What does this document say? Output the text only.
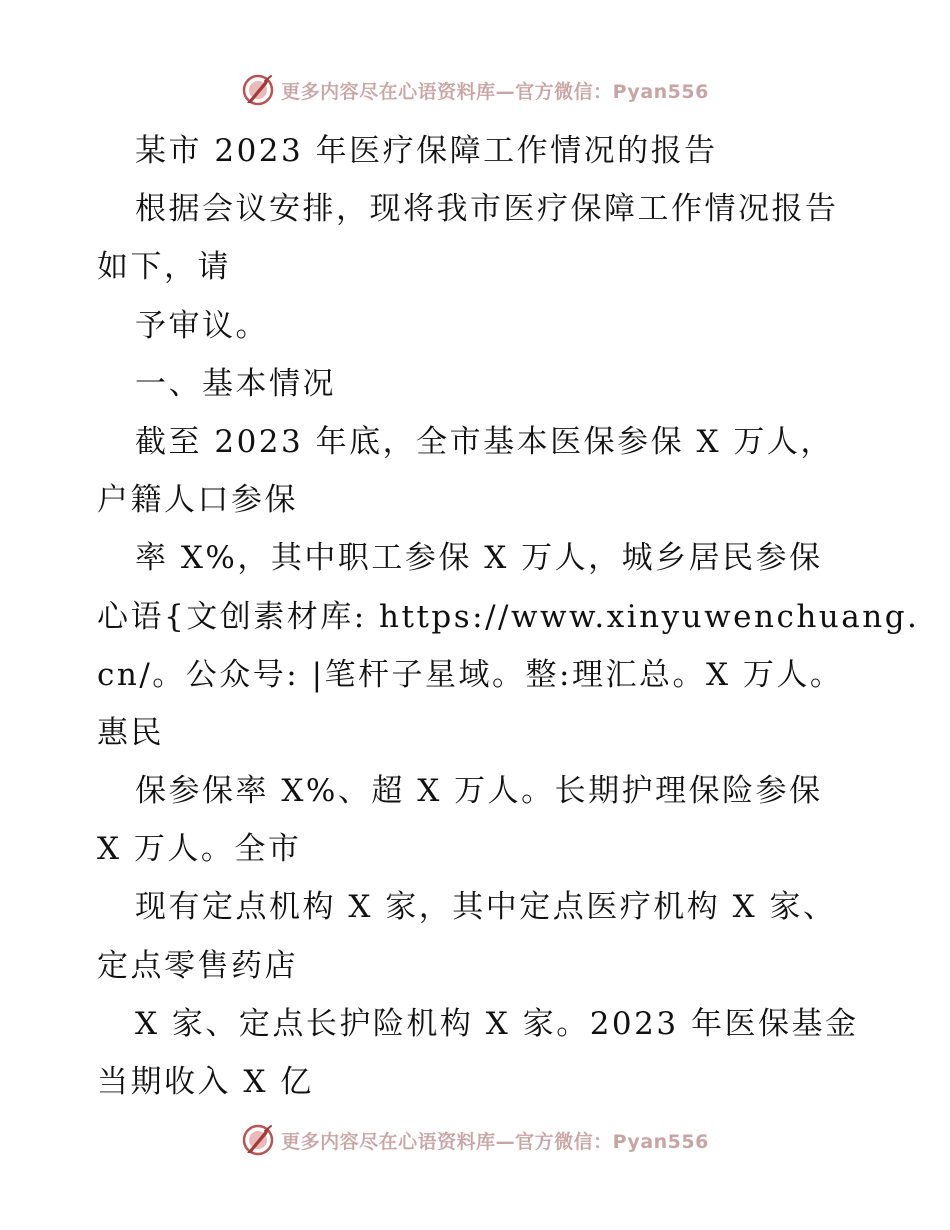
更多内容尽在心语资料库—官方微信：Pyan556
某市 2023 年医疗保障工作情况的报告
根据会议安排，现将我市医疗保障工作情况报告
如下，请
予审议。
一、基本情况
截至 2023 年底，全市基本医保参保 X 万人，
户籍人口参保
率 X%，其中职工参保 X 万人，城乡居民参保
心语{文创素材库: https://www.xinyuwenchuang.
cn/。公众号: |笔杆子星域。整:理汇总。X 万人。
惠民
保参保率 X%、超 X 万人。长期护理保险参保
X 万人。全市
现有定点机构 X 家，其中定点医疗机构 X 家、
定点零售药店
X 家、定点长护险机构 X 家。2023 年医保基金
当期收入 X 亿
更多内容尽在心语资料库—官方微信：Pyan556
